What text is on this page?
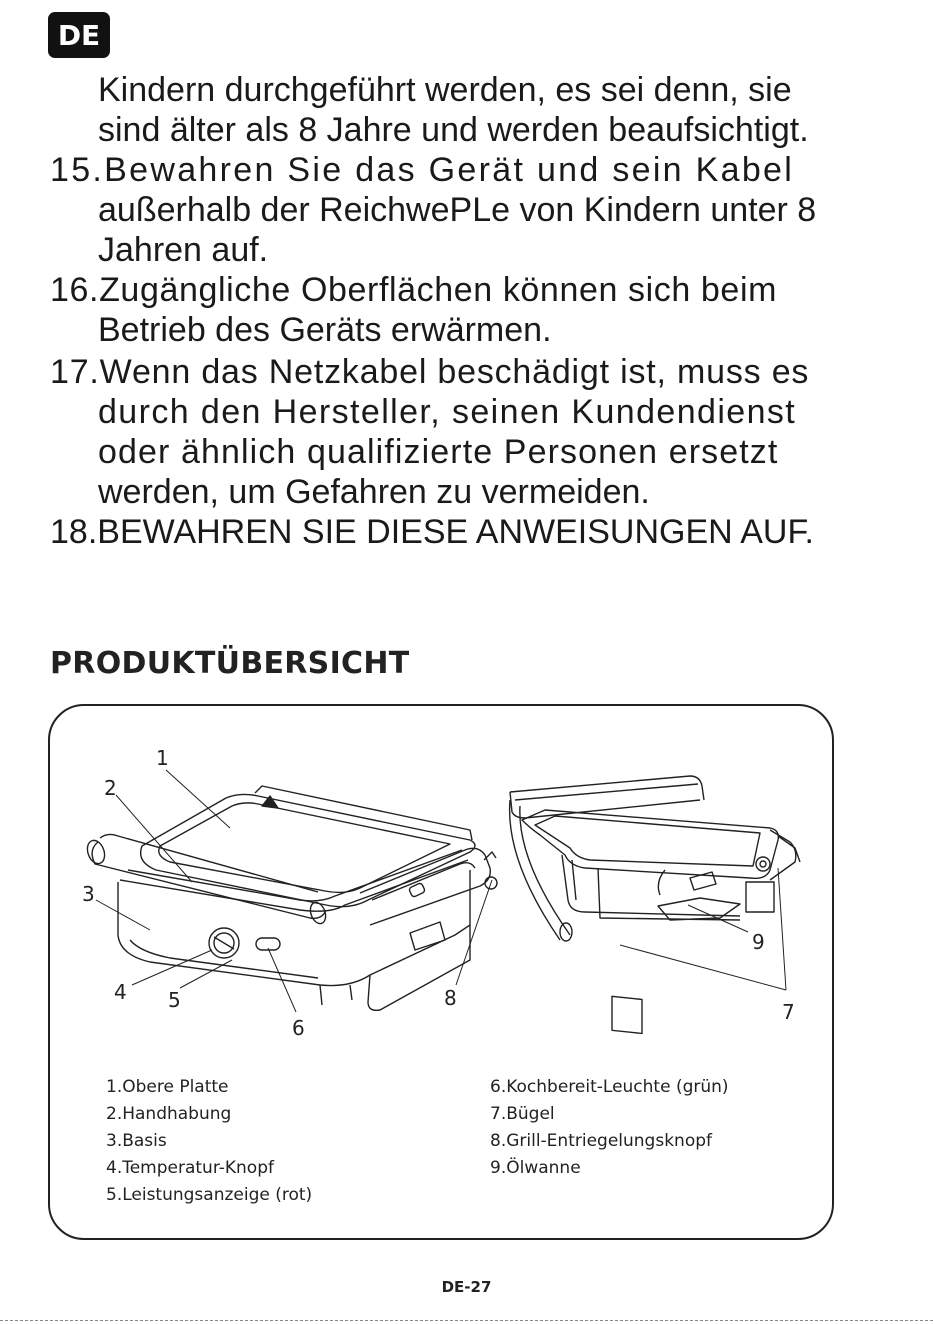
DE
Kindern durchgeführt werden, es sei denn, sie
sind älter als 8 Jahre und werden beaufsichtigt.
15.Bewahren Sie das Gerät und sein Kabel
außerhalb der ReichwePLe von Kindern unter 8
Jahren auf.
16.Zugängliche Oberflächen können sich beim
Betrieb des Geräts erwärmen.
17.Wenn das Netzkabel beschädigt ist, muss es
durch den Hersteller, seinen Kundendienst
oder ähnlich qualifizierte Personen ersetzt
werden, um Gefahren zu vermeiden.
18.BEWAHREN SIE DIESE ANWEISUNGEN AUF.
PRODUKTÜBERSICHT
1
2
3
4 5
6
7
8
9
1.Obere Platte
2.Handhabung
3.Basis
4.Temperatur-Knopf
5.Leistungsanzeige (rot)
6.Kochbereit-Leuchte (grün)
7.Bügel
8.Grill-Entriegelungsknopf
9.Ölwanne
DE-27
